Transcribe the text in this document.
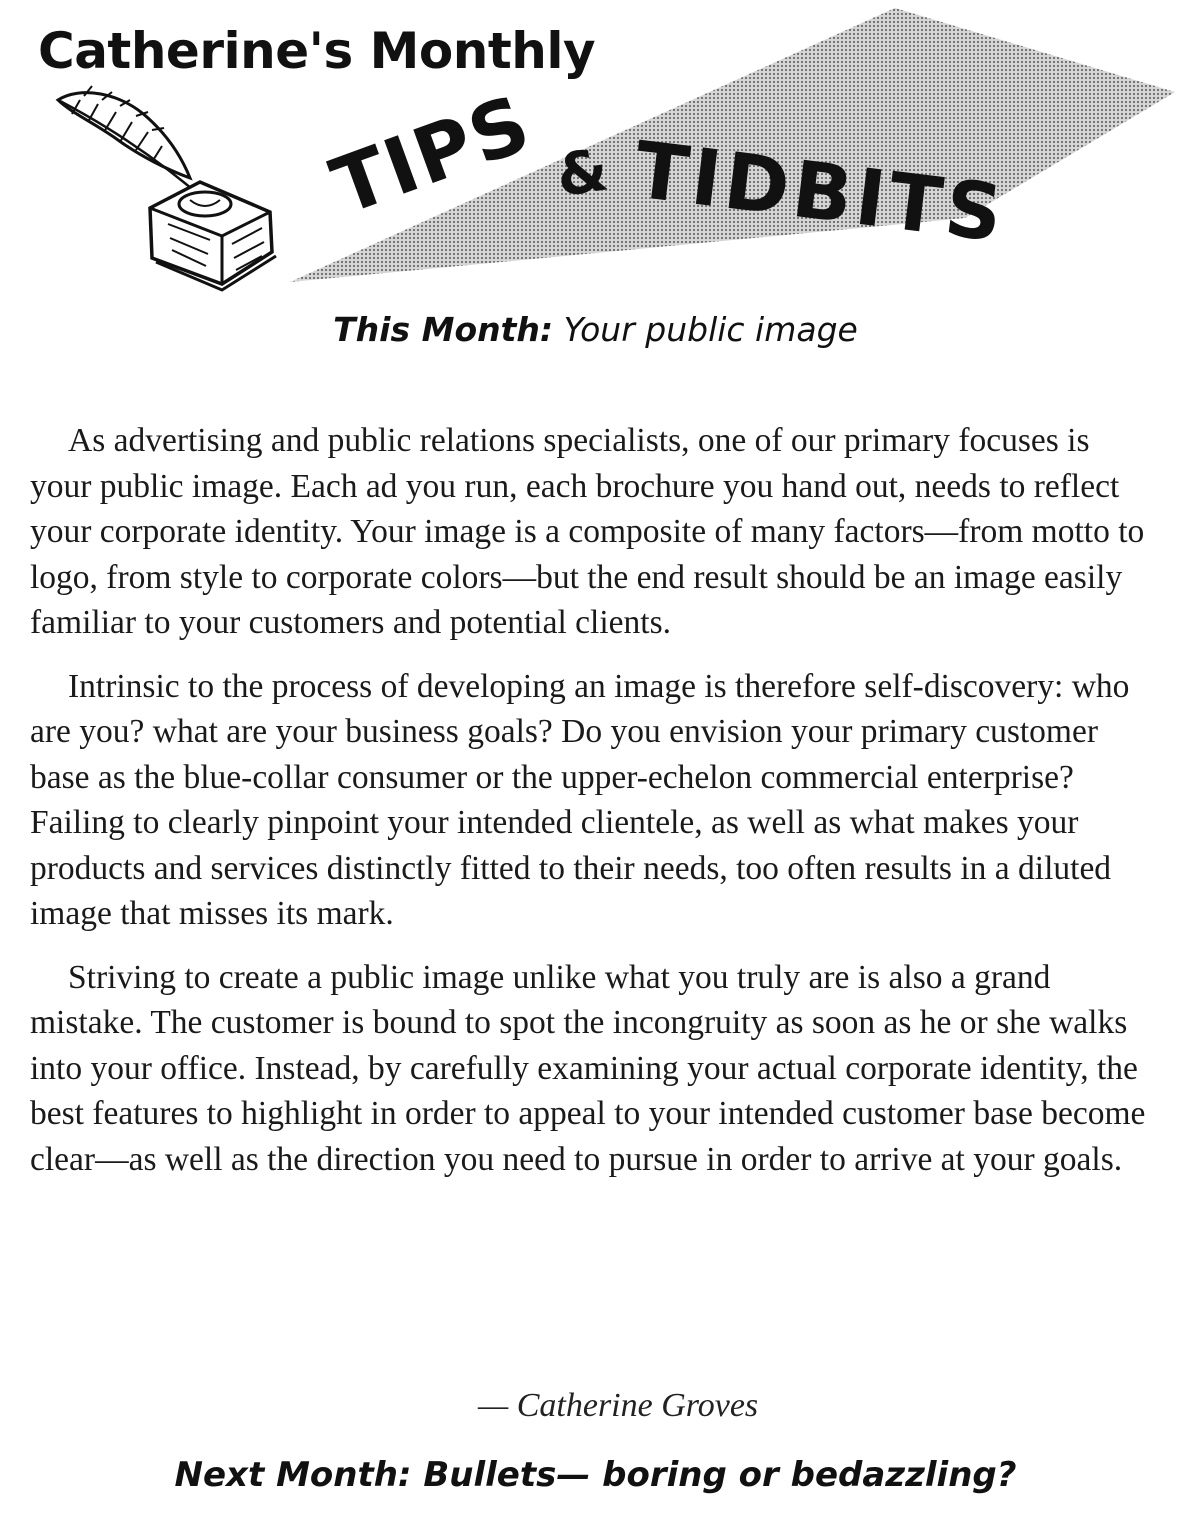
Catherine's Monthly
TIPS & TIDBITS
This Month: Your public image

As advertising and public relations specialists, one of our primary focuses is your public image. Each ad you run, each brochure you hand out, needs to reflect your corporate identity. Your image is a composite of many factors—from motto to logo, from style to corporate colors—but the end result should be an image easily familiar to your customers and potential clients.

Intrinsic to the process of developing an image is therefore self-discovery: who are you? what are your business goals? Do you envision your primary customer base as the blue-collar consumer or the upper-echelon commercial enterprise? Failing to clearly pinpoint your intended clientele, as well as what makes your products and services distinctly fitted to their needs, too often results in a diluted image that misses its mark.

Striving to create a public image unlike what you truly are is also a grand mistake. The customer is bound to spot the incongruity as soon as he or she walks into your office. Instead, by carefully examining your actual corporate identity, the best features to highlight in order to appeal to your intended customer base become clear—as well as the direction you need to pursue in order to arrive at your goals.

— Catherine Groves
Next Month: Bullets— boring or bedazzling?
